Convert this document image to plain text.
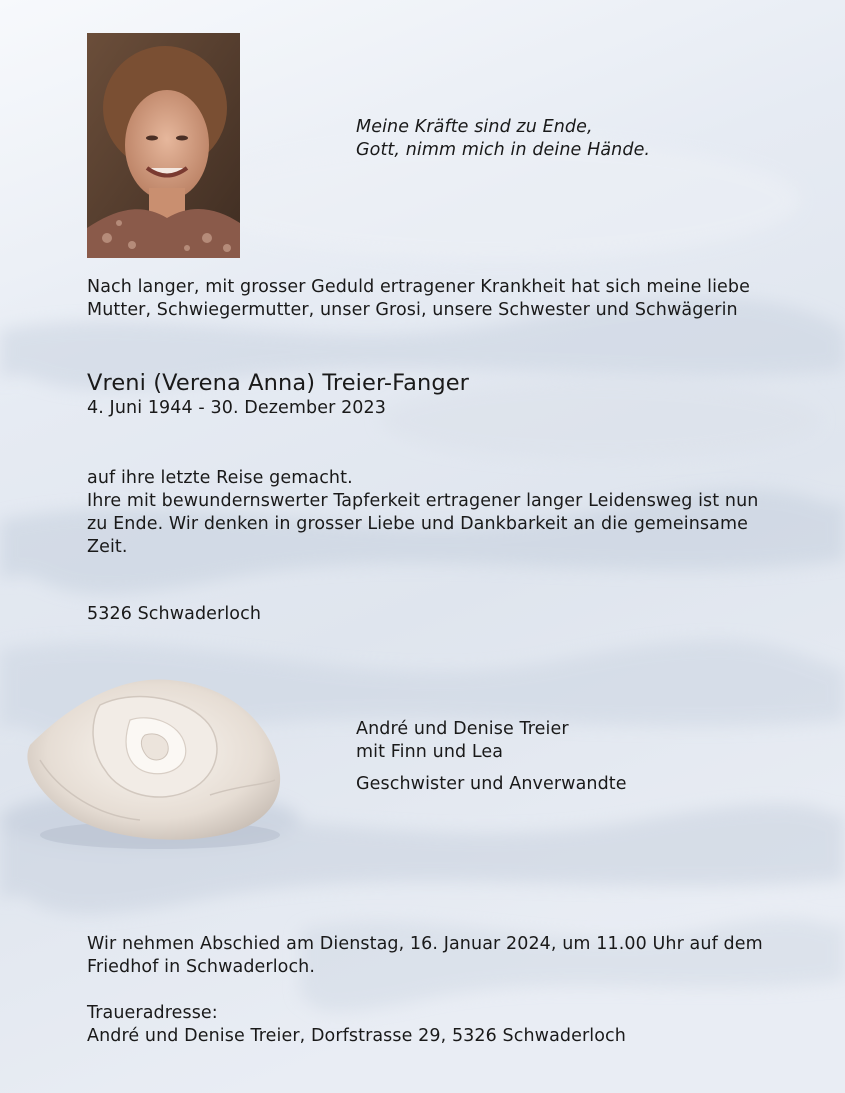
Meine Kräfte sind zu Ende,
Gott, nimm mich in deine Hände.
Nach langer, mit grosser Geduld ertragener Krankheit hat sich meine liebe
Mutter, Schwiegermutter, unser Grosi, unsere Schwester und Schwägerin
Vreni (Verena Anna) Treier-Fanger
4. Juni 1944 - 30. Dezember 2023
auf ihre letzte Reise gemacht.
Ihre mit bewundernswerter Tapferkeit ertragener langer Leidensweg ist nun
zu Ende. Wir denken in grosser Liebe und Dankbarkeit an die gemeinsame
Zeit.
5326 Schwaderloch
André und Denise Treier
mit Finn und Lea
Geschwister und Anverwandte
Wir nehmen Abschied am Dienstag, 16. Januar 2024, um 11.00 Uhr auf dem
Friedhof in Schwaderloch.
Traueradresse:
André und Denise Treier, Dorfstrasse 29, 5326 Schwaderloch
